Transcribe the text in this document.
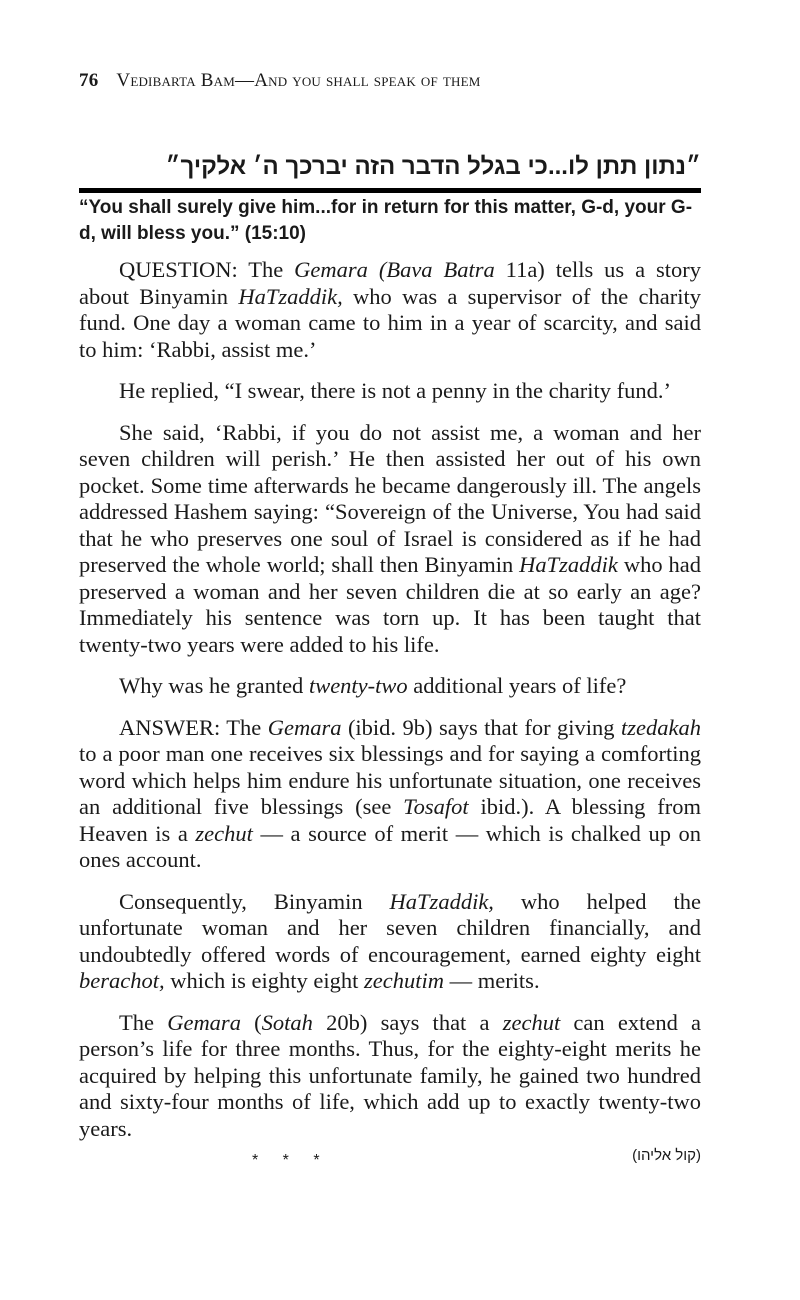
76 Vedibarta Bam—And you shall speak of them
״נתון תתן לו...כי בגלל הדבר הזה יברכך ה׳ אלקיך״
“You shall surely give him...for in return for this matter, G-d, your G-d, will bless you.” (15:10)

QUESTION: The Gemara (Bava Batra 11a) tells us a story about Binyamin HaTzaddik, who was a supervisor of the charity fund. One day a woman came to him in a year of scarcity, and said to him: ‘Rabbi, assist me.’

He replied, “I swear, there is not a penny in the charity fund.’

She said, ‘Rabbi, if you do not assist me, a woman and her seven children will perish.’ He then assisted her out of his own pocket. Some time afterwards he became dangerously ill. The angels addressed Hashem saying: “Sovereign of the Universe, You had said that he who preserves one soul of Israel is considered as if he had preserved the whole world; shall then Binyamin HaTzaddik who had preserved a woman and her seven children die at so early an age? Immediately his sentence was torn up. It has been taught that twenty-two years were added to his life.

Why was he granted twenty-two additional years of life?

ANSWER: The Gemara (ibid. 9b) says that for giving tzedakah to a poor man one receives six blessings and for saying a comforting word which helps him endure his unfortunate situation, one receives an additional five blessings (see Tosafot ibid.). A blessing from Heaven is a zechut — a source of merit — which is chalked up on ones account.

Consequently, Binyamin HaTzaddik, who helped the unfortunate woman and her seven children financially, and undoubtedly offered words of encouragement, earned eighty eight berachot, which is eighty eight zechutim — merits.

The Gemara (Sotah 20b) says that a zechut can extend a person’s life for three months. Thus, for the eighty-eight merits he acquired by helping this unfortunate family, he gained two hundred and sixty-four months of life, which add up to exactly twenty-two years.

* * *	(קול אליהו)
